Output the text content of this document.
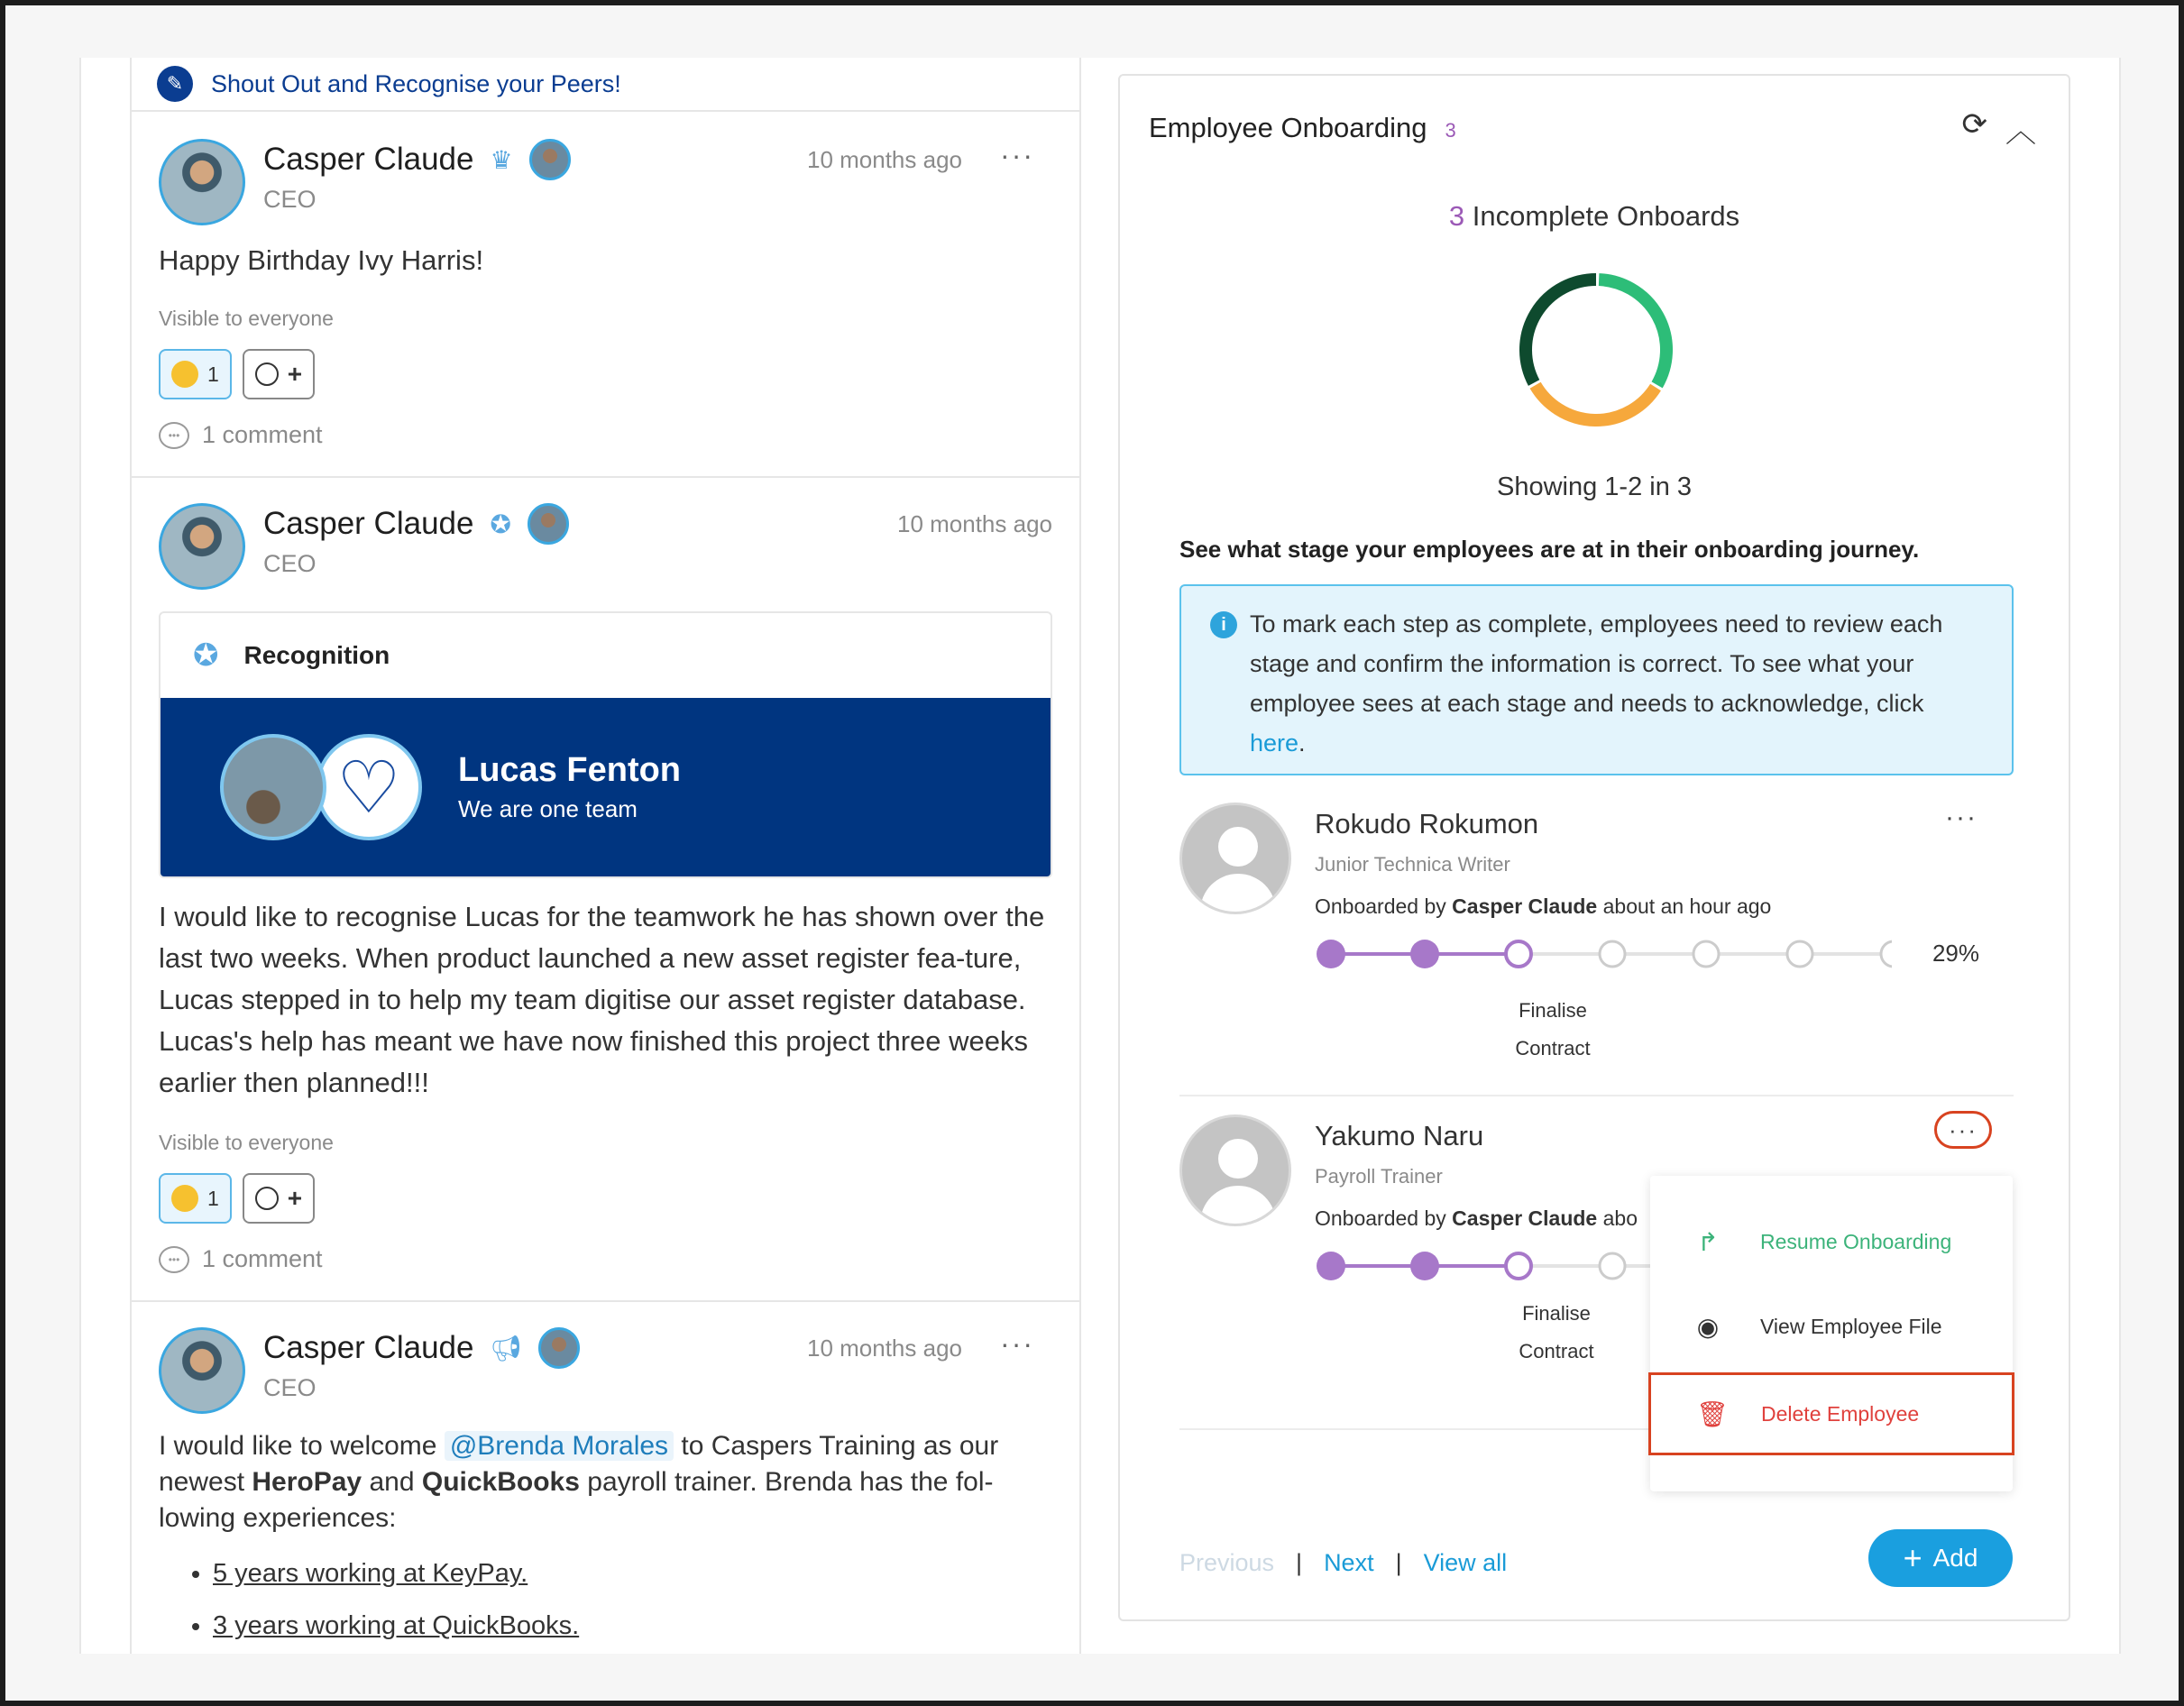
✎	Shout Out and Recognise your Peers!
Casper Claude ♛
CEO
10 months ago ···
Happy Birthday Ivy Harris!
Visible to everyone
1	+
••• 1 comment
Casper Claude ✪
CEO
10 months ago
✪ Recognition
♡	Lucas Fenton
We are one team
I would like to recognise Lucas for the teamwork he has shown over the last two weeks. When product launched a new asset register fea-ture, Lucas stepped in to help my team digitise our asset register database. Lucas's help has meant we have now finished this project three weeks earlier then planned!!!
Visible to everyone
1	+
••• 1 comment
Casper Claude 📢︎
CEO
10 months ago ···
I would like to welcome @Brenda Morales to Caspers Training as our newest HeroPay and QuickBooks payroll trainer. Brenda has the fol-lowing experiences:
• 5 years working at KeyPay.
• 3 years working at QuickBooks.
Employee Onboarding 3	⟳ ︿
3 Incomplete Onboards
Showing 1-2 in 3
See what stage your employees are at in their onboarding journey.
i To mark each step as complete, employees need to review each stage and confirm the information is correct. To see what your employee sees at each stage and needs to acknowledge, click here.
Rokudo Rokumon
Junior Technica Writer
Onboarded by Casper Claude about an hour ago
···
29%
Finalise
Contract
Yakumo Naru
Payroll Trainer
Onboarded by Casper Claude abo
···
Finalise
Contract
↱ Resume Onboarding
◉ View Employee File
🗑︎ Delete Employee
Previous | Next | View all	+ Add
